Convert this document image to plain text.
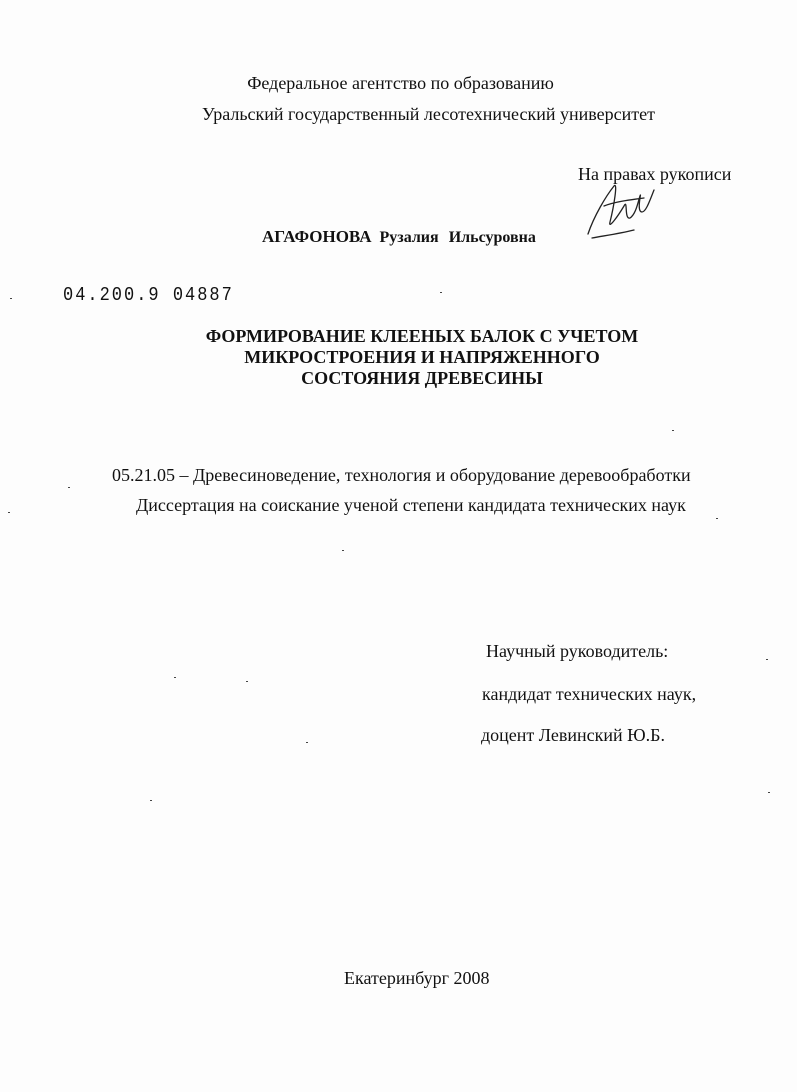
Федеральное агентство по образованию
Уральский государственный лесотехнический университет
На правах рукописи
АГАФОНОВА Рузалия Ильсуровна
04.200.9 04887
ФОРМИРОВАНИЕ КЛЕЕНЫХ БАЛОК С УЧЕТОМ
МИКРОСТРОЕНИЯ И НАПРЯЖЕННОГО
СОСТОЯНИЯ ДРЕВЕСИНЫ
05.21.05 – Древесиноведение, технология и оборудование деревообработки
Диссертация на соискание ученой степени кандидата технических наук
Научный руководитель:
кандидат технических наук,
доцент Левинский Ю.Б.
Екатеринбург 2008
